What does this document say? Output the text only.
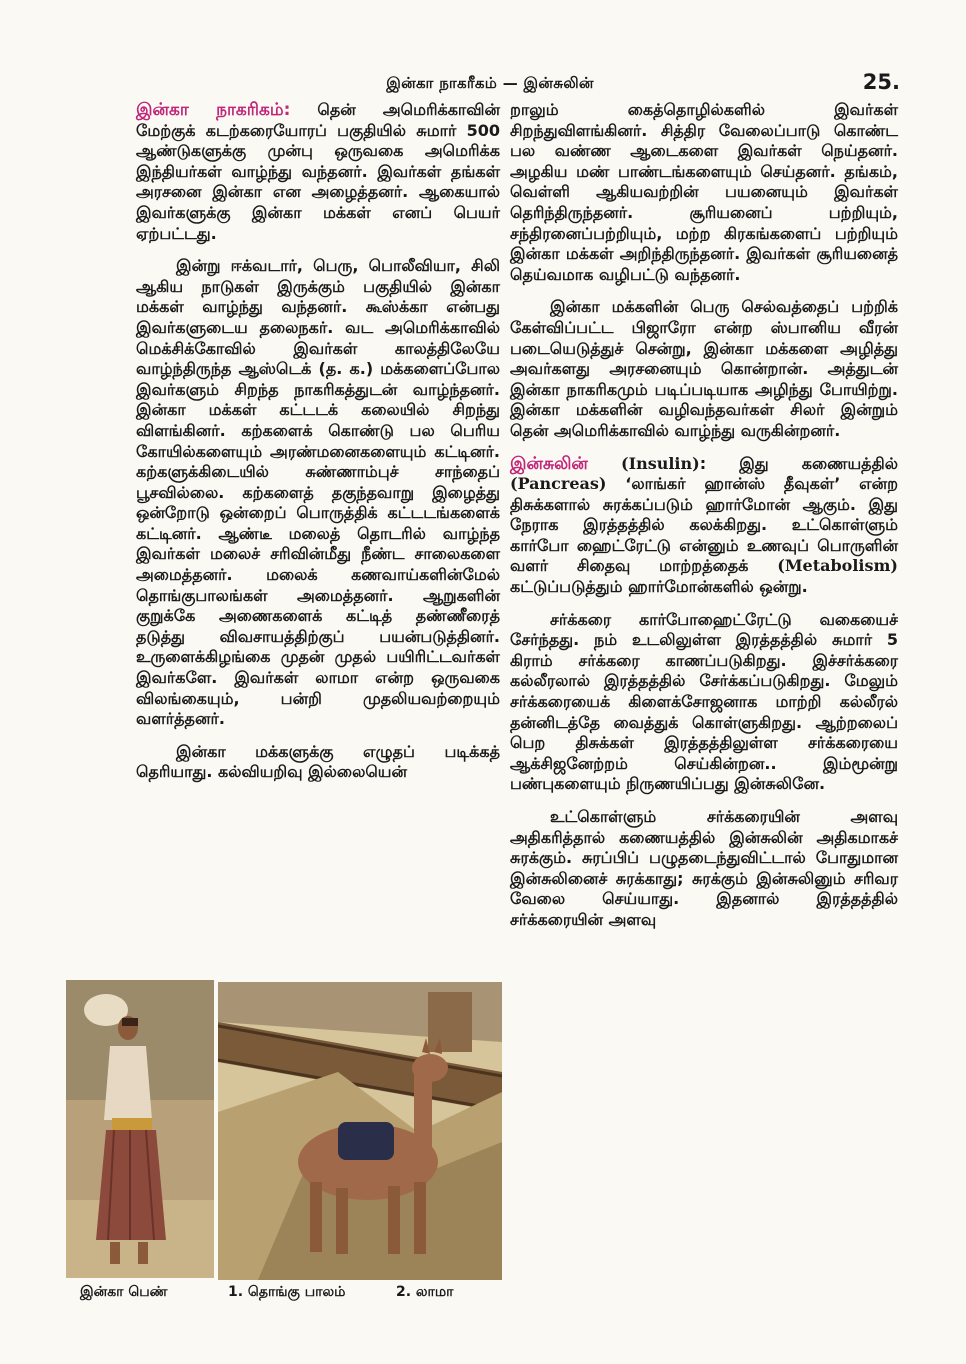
இன்கா நாகரீகம் — இன்சுலின்	25.

இன்கா நாகரிகம்: தென் அமெரிக்காவின் மேற்குக் கடற்கரையோரப் பகுதியில் சுமார் 500 ஆண்டுகளுக்கு முன்பு ஒருவகை அமெரிக்க இந்தியர்கள் வாழ்ந்து வந்தனர். இவர்கள் தங்கள் அரசனை இன்கா என அழைத்தனர். ஆகையால் இவர்களுக்கு இன்கா மக்கள் எனப் பெயர் ஏற்பட்டது.

இன்று ஈக்வடார், பெரு, பொலீவியா, சிலி ஆகிய நாடுகள் இருக்கும் பகுதியில் இன்கா மக்கள் வாழ்ந்து வந்தனர். கூஸ்க்கா என்பது இவர்களுடைய தலைநகர். வட அமெரிக்காவில் மெக்சிக்கோவில் இவர்கள் காலத்திலேயே வாழ்ந்திருந்த ஆஸ்டெக் (த. க.) மக்களைப்போல இவர்களும் சிறந்த நாகரிகத்துடன் வாழ்ந்தனர். இன்கா மக்கள் கட்டடக் கலையில் சிறந்து விளங்கினர். கற்களைக் கொண்டு பல பெரிய கோயில்களையும் அரண்மனைகளையும் கட்டினர். கற்களுக்கிடையில் சுண்ணாம்புச் சாந்தைப் பூசவில்லை. கற்களைத் தகுந்தவாறு இழைத்து ஒன்றோடு ஒன்றைப் பொருத்திக் கட்டடங்களைக் கட்டினர். ஆண்டீ மலைத் தொடரில் வாழ்ந்த இவர்கள் மலைச் சரிவின்மீது நீண்ட சாலைகளை அமைத்தனர். மலைக் கணவாய்களின்மேல் தொங்குபாலங்கள் அமைத்தனர். ஆறுகளின் குறுக்கே அணைகளைக் கட்டித் தண்ணீரைத் தடுத்து விவசாயத்திற்குப் பயன்படுத்தினர். உருளைக்கிழங்கை முதன் முதல் பயிரிட்டவர்கள் இவர்களே. இவர்கள் லாமா என்ற ஒருவகை விலங்கையும், பன்றி முதலியவற்றையும் வளர்த்தனர்.

இன்கா மக்களுக்கு எழுதப் படிக்கத் தெரியாது. கல்வியறிவு இல்லையென்

றாலும் கைத்தொழில்களில் இவர்கள் சிறந்துவிளங்கினர். சித்திர வேலைப்பாடு கொண்ட பல வண்ண ஆடைகளை இவர்கள் நெய்தனர். அழகிய மண் பாண்டங்களையும் செய்தனர். தங்கம், வெள்ளி ஆகியவற்றின் பயனையும் இவர்கள் தெரிந்திருந்தனர். சூரியனைப் பற்றியும், சந்திரனைப்பற்றியும், மற்ற கிரகங்களைப் பற்றியும் இன்கா மக்கள் அறிந்திருந்தனர். இவர்கள் சூரியனைத் தெய்வமாக வழிபட்டு வந்தனர்.

இன்கா மக்களின் பெரு செல்வத்தைப் பற்றிக் கேள்விப்பட்ட பிஜாரோ என்ற ஸ்பானிய வீரன் படையெடுத்துச் சென்று, இன்கா மக்களை அழித்து அவர்களது அரசனையும் கொன்றான். அத்துடன் இன்கா நாகரிகமும் படிப்படியாக அழிந்து போயிற்று. இன்கா மக்களின் வழிவந்தவர்கள் சிலர் இன்றும் தென் அமெரிக்காவில் வாழ்ந்து வருகின்றனர்.

இன்சுலின் (Insulin): இது கணையத்தில் (Pancreas) ‘லாங்கர் ஹான்ஸ் தீவுகள்’ என்ற திசுக்களால் சுரக்கப்படும் ஹார்மோன் ஆகும். இது நேராக இரத்தத்தில் கலக்கிறது. உட்கொள்ளும் கார்போ ஹைட்ரேட்டு என்னும் உணவுப் பொருளின் வளர் சிதைவு மாற்றத்தைக் (Metabolism) கட்டுப்படுத்தும் ஹார்மோன்களில் ஒன்று.

சர்க்கரை கார்போஹைட்ரேட்டு வகையைச் சேர்ந்தது. நம் உடலிலுள்ள இரத்தத்தில் சுமார் 5 கிராம் சர்க்கரை காணப்படுகிறது. இச்சர்க்கரை கல்லீரலால் இரத்தத்தில் சேர்க்கப்படுகிறது. மேலும் சர்க்கரையைக் கிளைக்சோஜனாக மாற்றி கல்லீரல் தன்னிடத்தே வைத்துக் கொள்ளுகிறது. ஆற்றலைப் பெற திசுக்கள் இரத்தத்திலுள்ள சர்க்கரையை ஆக்சிஜனேற்றம் செய்கின்றன.. இம்மூன்று பண்புகளையும் நிருணயிப்பது இன்சுலினே.

உட்கொள்ளும் சர்க்கரையின் அளவு அதிகரித்தால் கணையத்தில் இன்சுலின் அதிகமாகச் சுரக்கும். சுரப்பிப் பழுதடைந்துவிட்டால் போதுமான இன்சுலினைச் சுரக்காது; சுரக்கும் இன்சுலினும் சரிவர வேலை செய்யாது. இதனால் இரத்தத்தில் சர்க்கரையின் அளவு

இன்கா பெண்	1. தொங்கு பாலம்	2. லாமா
